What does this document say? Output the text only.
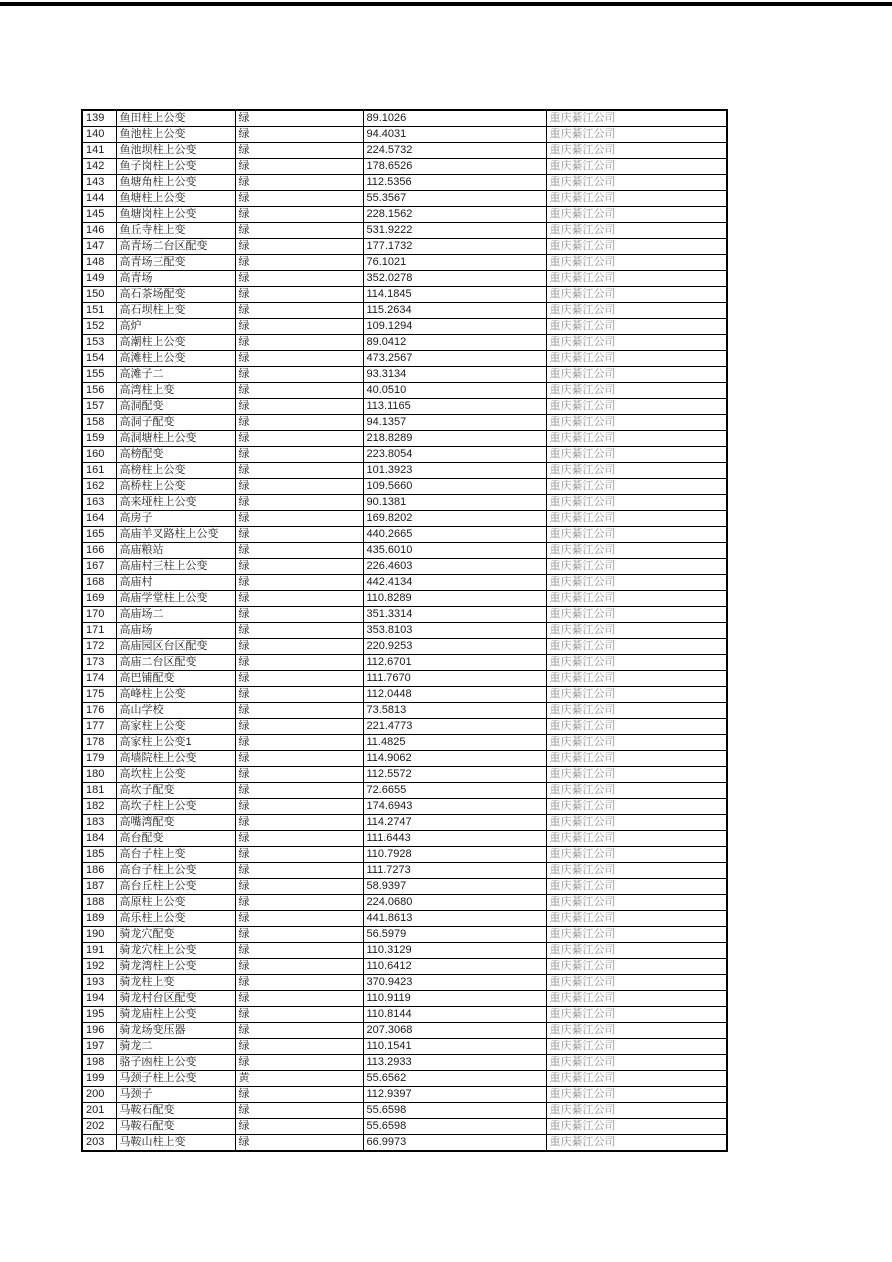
139	鱼田柱上公变	绿	89.1026	重庆綦江公司
140	鱼池柱上公变	绿	94.4031	重庆綦江公司
141	鱼池坝柱上公变	绿	224.5732	重庆綦江公司
142	鱼子岗柱上公变	绿	178.6526	重庆綦江公司
143	鱼塘角柱上公变	绿	112.5356	重庆綦江公司
144	鱼塘柱上公变	绿	55.3567	重庆綦江公司
145	鱼塘岗柱上公变	绿	228.1562	重庆綦江公司
146	鱼丘寺柱上变	绿	531.9222	重庆綦江公司
147	高青场二台区配变	绿	177.1732	重庆綦江公司
148	高青场三配变	绿	76.1021	重庆綦江公司
149	高青场	绿	352.0278	重庆綦江公司
150	高石茶场配变	绿	114.1845	重庆綦江公司
151	高石坝柱上变	绿	115.2634	重庆綦江公司
152	高炉	绿	109.1294	重庆綦江公司
153	高潮柱上公变	绿	89.0412	重庆綦江公司
154	高滩柱上公变	绿	473.2567	重庆綦江公司
155	高滩子二	绿	93.3134	重庆綦江公司
156	高湾柱上变	绿	40.0510	重庆綦江公司
157	高洞配变	绿	113.1165	重庆綦江公司
158	高洞子配变	绿	94.1357	重庆綦江公司
159	高洞塘柱上公变	绿	218.8289	重庆綦江公司
160	高榜配变	绿	223.8054	重庆綦江公司
161	高榜柱上公变	绿	101.3923	重庆綦江公司
162	高桥柱上公变	绿	109.5660	重庆綦江公司
163	高来垭柱上公变	绿	90.1381	重庆綦江公司
164	高房子	绿	169.8202	重庆綦江公司
165	高庙羊叉路柱上公变	绿	440.2665	重庆綦江公司
166	高庙粮站	绿	435.6010	重庆綦江公司
167	高庙村三柱上公变	绿	226.4603	重庆綦江公司
168	高庙村	绿	442.4134	重庆綦江公司
169	高庙学堂柱上公变	绿	110.8289	重庆綦江公司
170	高庙场二	绿	351.3314	重庆綦江公司
171	高庙场	绿	353.8103	重庆綦江公司
172	高庙园区台区配变	绿	220.9253	重庆綦江公司
173	高庙二台区配变	绿	112.6701	重庆綦江公司
174	高巴铺配变	绿	111.7670	重庆綦江公司
175	高峰柱上公变	绿	112.0448	重庆綦江公司
176	高山学校	绿	73.5813	重庆綦江公司
177	高家柱上公变	绿	221.4773	重庆綦江公司
178	高家柱上公变1	绿	11.4825	重庆綦江公司
179	高墙院柱上公变	绿	114.9062	重庆綦江公司
180	高坎柱上公变	绿	112.5572	重庆綦江公司
181	高坎子配变	绿	72.6655	重庆綦江公司
182	高坎子柱上公变	绿	174.6943	重庆綦江公司
183	高嘴湾配变	绿	114.2747	重庆綦江公司
184	高台配变	绿	111.6443	重庆綦江公司
185	高台子柱上变	绿	110.7928	重庆綦江公司
186	高台子柱上公变	绿	111.7273	重庆綦江公司
187	高台丘柱上公变	绿	58.9397	重庆綦江公司
188	高原柱上公变	绿	224.0680	重庆綦江公司
189	高乐柱上公变	绿	441.8613	重庆綦江公司
190	骑龙穴配变	绿	56.5979	重庆綦江公司
191	骑龙穴柱上公变	绿	110.3129	重庆綦江公司
192	骑龙湾柱上公变	绿	110.6412	重庆綦江公司
193	骑龙柱上变	绿	370.9423	重庆綦江公司
194	骑龙村台区配变	绿	110.9119	重庆綦江公司
195	骑龙庙柱上公变	绿	110.8144	重庆綦江公司
196	骑龙场变压器	绿	207.3068	重庆綦江公司
197	骑龙二	绿	110.1541	重庆綦江公司
198	骆子凼柱上公变	绿	113.2933	重庆綦江公司
199	马颈子柱上公变	黄	55.6562	重庆綦江公司
200	马颈子	绿	112.9397	重庆綦江公司
201	马鞍石配变	绿	55.6598	重庆綦江公司
202	马鞍石配变	绿	55.6598	重庆綦江公司
203	马鞍山柱上变	绿	66.9973	重庆綦江公司
